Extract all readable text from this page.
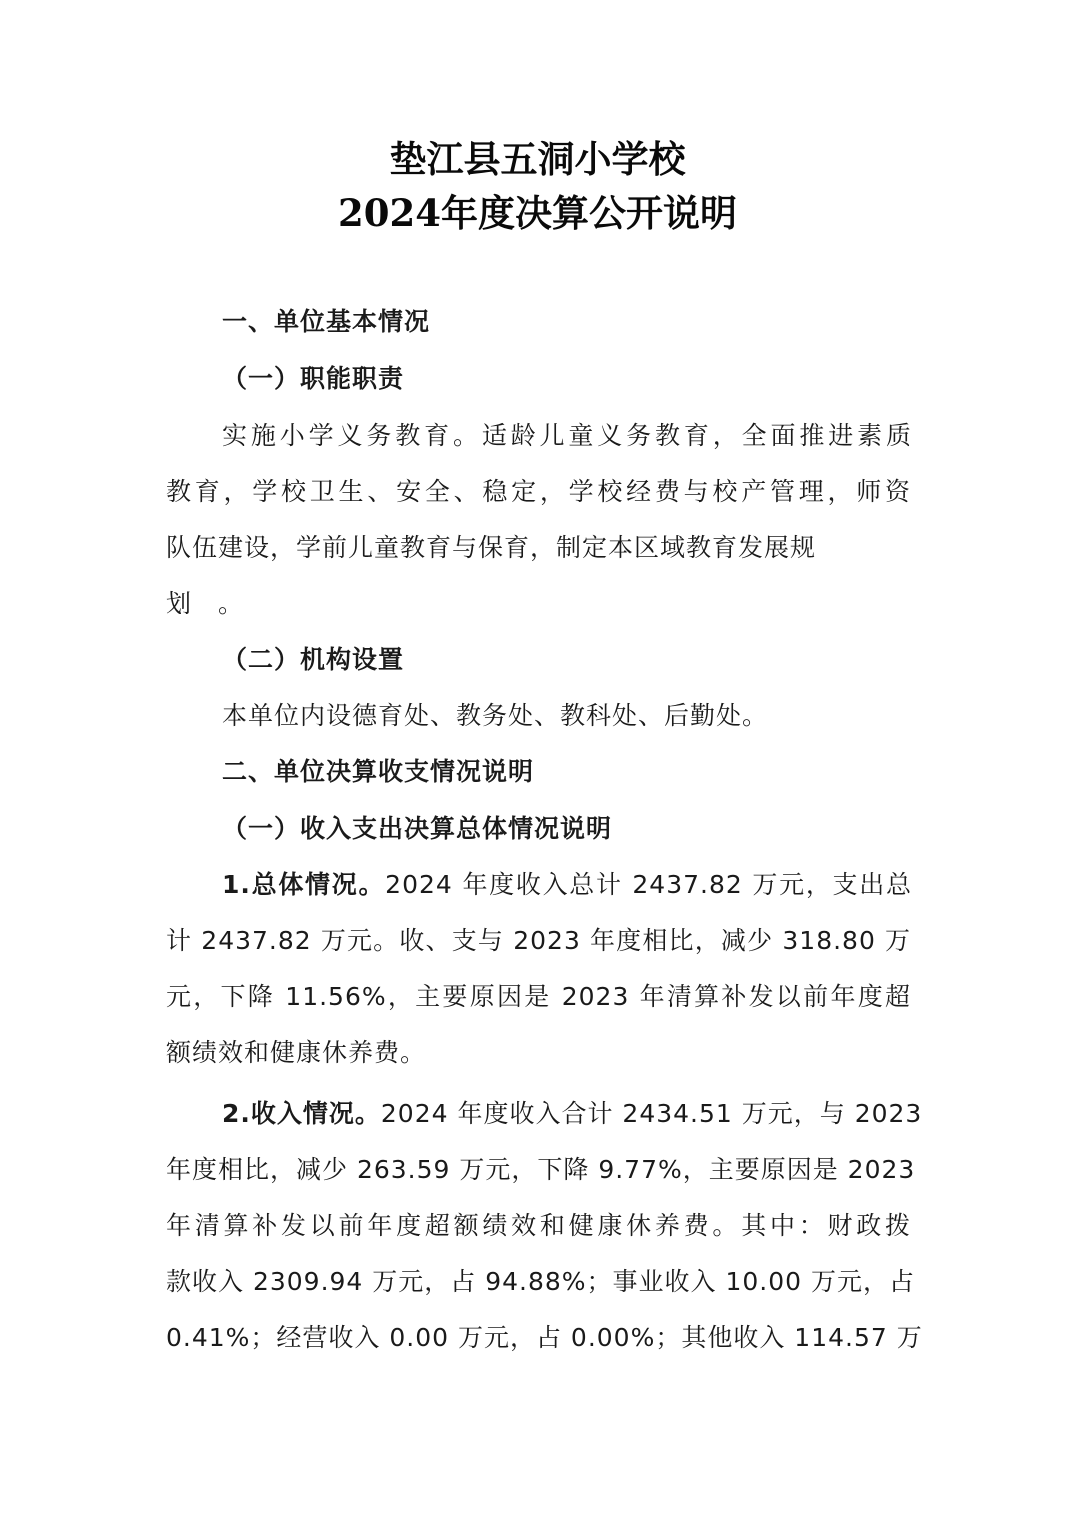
垫江县五洞小学校
2024年度决算公开说明
一、单位基本情况
（一）职能职责
实施小学义务教育。适龄儿童义务教育，全面推进素质
教育，学校卫生、安全、稳定，学校经费与校产管理，师资
队伍建设，学前儿童教育与保育，制定本区域教育发展规
划　。
（二）机构设置
本单位内设德育处、教务处、教科处、后勤处。
二、单位决算收支情况说明
（一）收入支出决算总体情况说明
1.总体情况。2024 年度收入总计 2437.82 万元，支出总
计 2437.82 万元。收、支与 2023 年度相比，减少 318.80 万
元，下降 11.56%，主要原因是 2023 年清算补发以前年度超
额绩效和健康休养费。
2.收入情况。2024 年度收入合计 2434.51 万元，与 2023
年度相比，减少 263.59 万元，下降 9.77%，主要原因是 2023
年清算补发以前年度超额绩效和健康休养费。其中：财政拨
款收入 2309.94 万元，占 94.88%；事业收入 10.00 万元，占
0.41%；经营收入 0.00 万元，占 0.00%；其他收入 114.57 万
